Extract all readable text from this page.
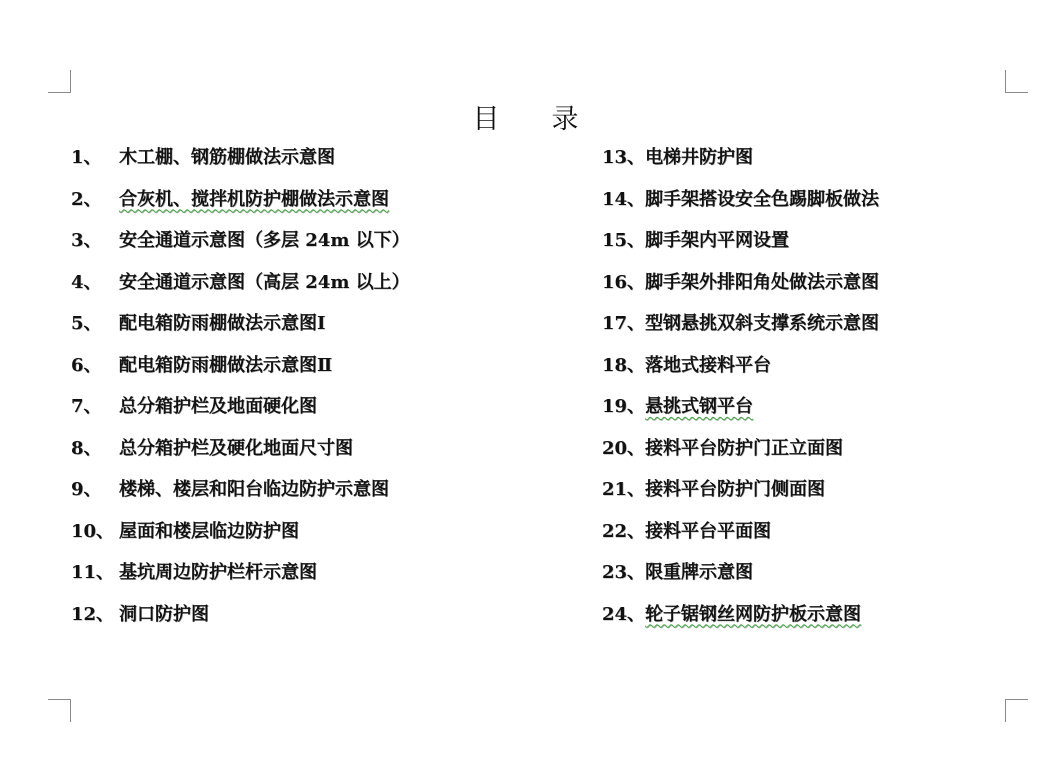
目录
1、 木工棚、钢筋棚做法示意图
2、 合灰机、搅拌机防护棚做法示意图
3、 安全通道示意图（多层 24m 以下）
4、 安全通道示意图（高层 24m 以上）
5、 配电箱防雨棚做法示意图Ⅰ
6、 配电箱防雨棚做法示意图Ⅱ
7、 总分箱护栏及地面硬化图
8、 总分箱护栏及硬化地面尺寸图
9、 楼梯、楼层和阳台临边防护示意图
10、 屋面和楼层临边防护图
11、 基坑周边防护栏杆示意图
12、 洞口防护图
13、 电梯井防护图
14、 脚手架搭设安全色踢脚板做法
15、 脚手架内平网设置
16、 脚手架外排阳角处做法示意图
17、 型钢悬挑双斜支撑系统示意图
18、 落地式接料平台
19、 悬挑式钢平台
20、 接料平台防护门正立面图
21、 接料平台防护门侧面图
22、 接料平台平面图
23、 限重牌示意图
24、 轮子锯钢丝网防护板示意图
